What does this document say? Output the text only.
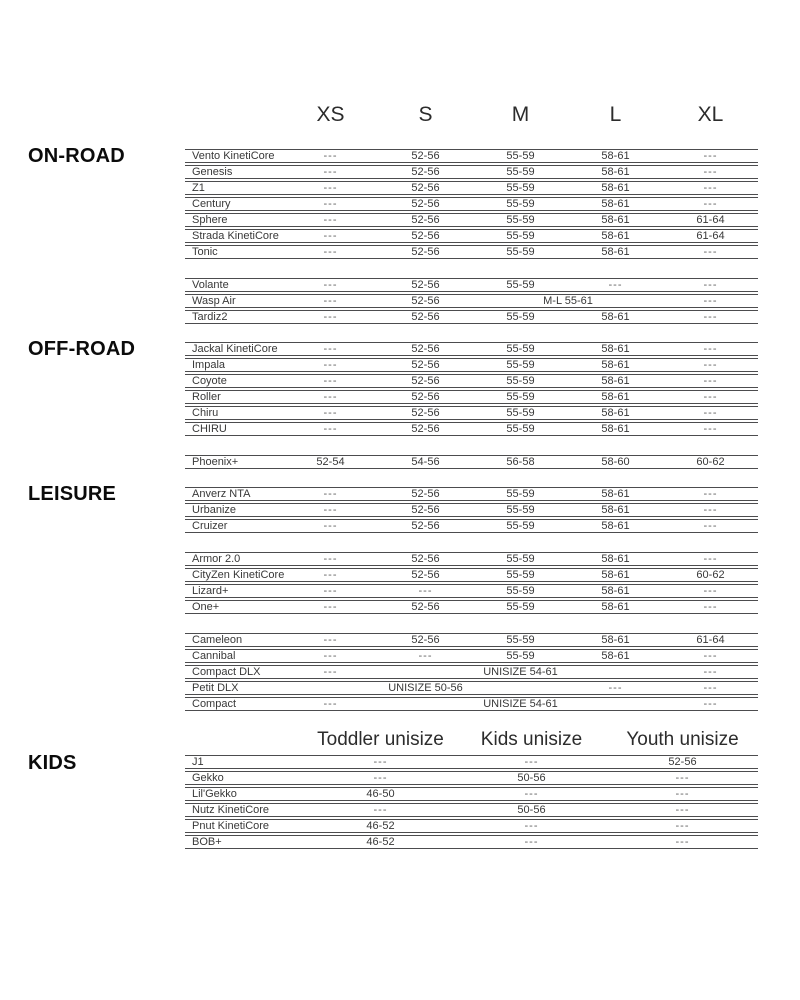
XS	S	M	L	XL
ON-ROAD	Vento KinetiCore	---	52-56	55-59	58-61	---
Genesis	---	52-56	55-59	58-61	---
Z1	---	52-56	55-59	58-61	---
Century	---	52-56	55-59	58-61	---
Sphere	---	52-56	55-59	58-61	61-64
Strada KinetiCore	---	52-56	55-59	58-61	61-64
Tonic	---	52-56	55-59	58-61	---
Volante	---	52-56	55-59	---	---
Wasp Air	---	52-56	M-L 55-61	---
Tardiz2	---	52-56	55-59	58-61	---
OFF-ROAD	Jackal KinetiCore	---	52-56	55-59	58-61	---
Impala	---	52-56	55-59	58-61	---
Coyote	---	52-56	55-59	58-61	---
Roller	---	52-56	55-59	58-61	---
Chiru	---	52-56	55-59	58-61	---
CHIRU	---	52-56	55-59	58-61	---
Phoenix+	52-54	54-56	56-58	58-60	60-62
LEISURE	Anverz NTA	---	52-56	55-59	58-61	---
Urbanize	---	52-56	55-59	58-61	---
Cruizer	---	52-56	55-59	58-61	---
Armor 2.0	---	52-56	55-59	58-61	---
CityZen KinetiCore	---	52-56	55-59	58-61	60-62
Lizard+	---	---	55-59	58-61	---
One+	---	52-56	55-59	58-61	---
Cameleon	---	52-56	55-59	58-61	61-64
Cannibal	---	---	55-59	58-61	---
Compact DLX	---	UNISIZE 54-61	---
Petit DLX	UNISIZE 50-56	---	---
Compact	---	UNISIZE 54-61	---
KIDS
Toddler unisize	Kids unisize	Youth unisize
J1	---	---	52-56
Gekko	---	50-56	---
Lil'Gekko	46-50	---	---
Nutz KinetiCore	---	50-56	---
Pnut KinetiCore	46-52	---	---
BOB+	46-52	---	---
